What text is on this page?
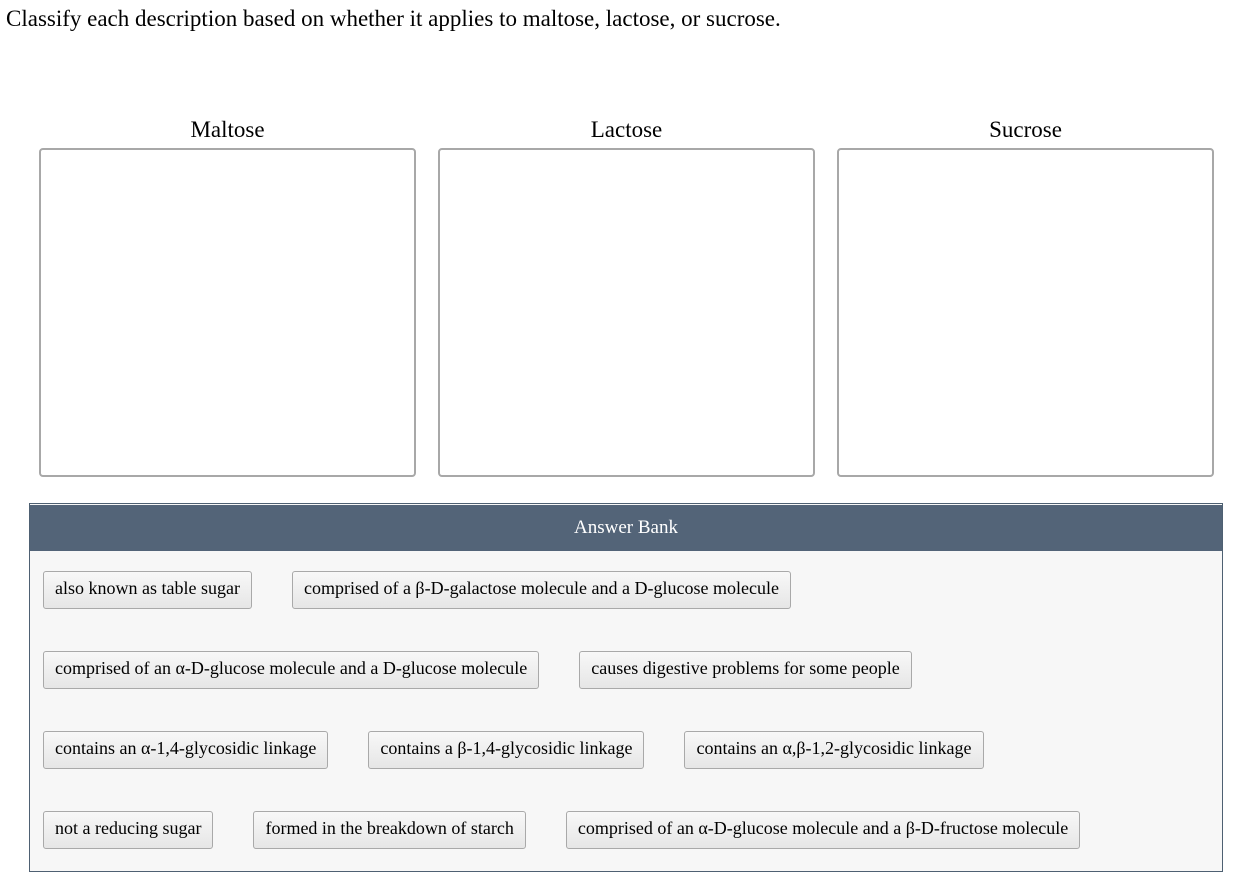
Classify each description based on whether it applies to maltose, lactose, or sucrose.
Maltose	Lactose	Sucrose
Answer Bank
also known as table sugar	comprised of a β-D-galactose molecule and a D-glucose molecule
comprised of an α-D-glucose molecule and a D-glucose molecule	causes digestive problems for some people
contains an α-1,4-glycosidic linkage	contains a β-1,4-glycosidic linkage	contains an α,β-1,2-glycosidic linkage
not a reducing sugar	formed in the breakdown of starch	comprised of an α-D-glucose molecule and a β-D-fructose molecule
